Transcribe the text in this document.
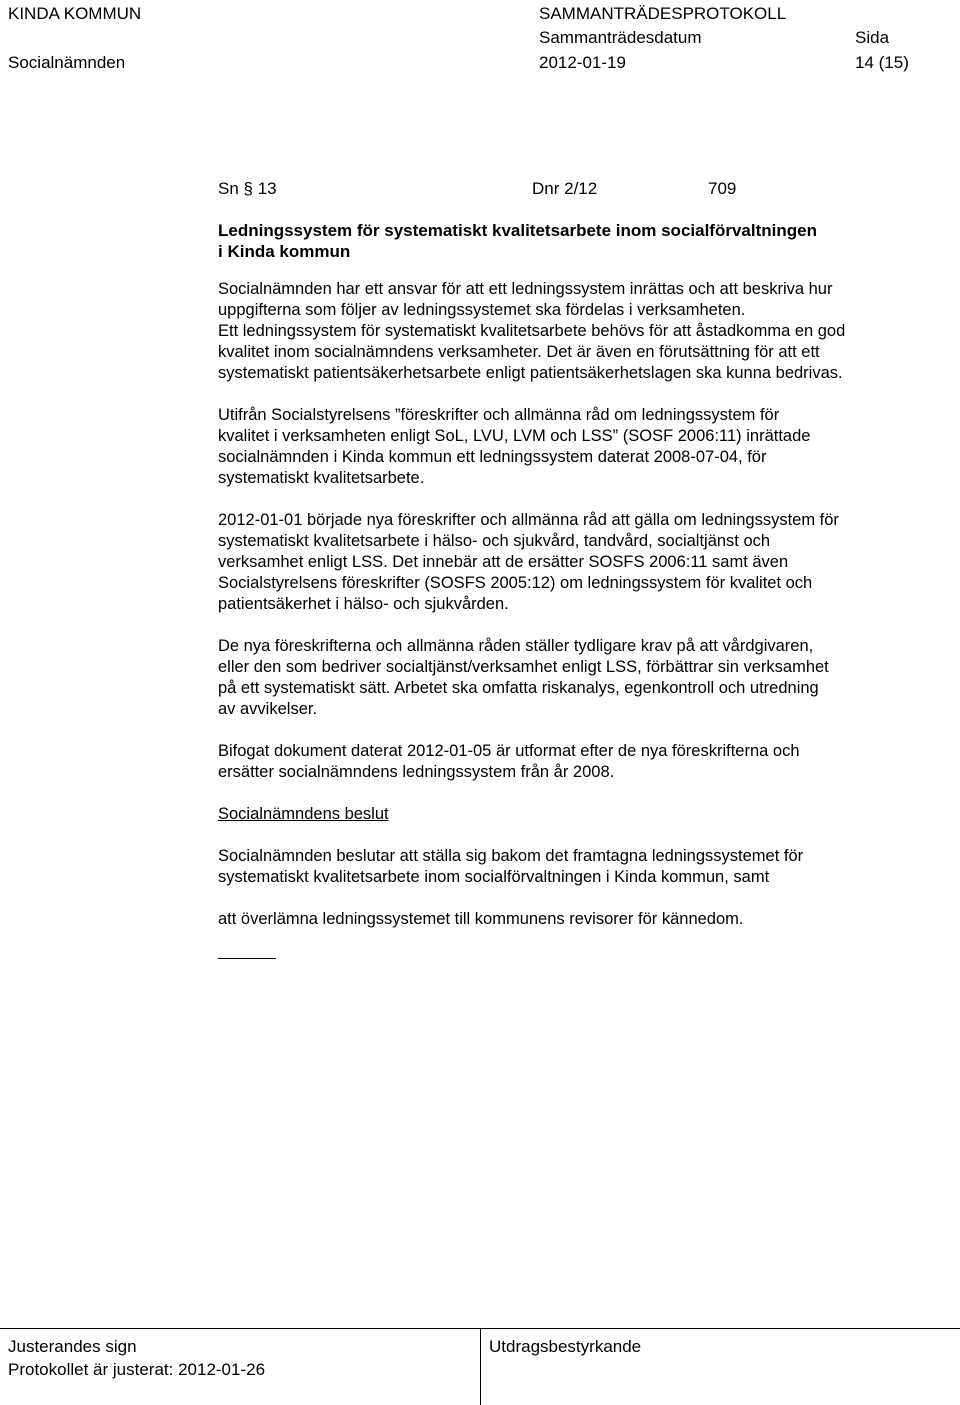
KINDA KOMMUN	SAMMANTRÄDESPROTOKOLL
Sammanträdesdatum	Sida
Socialnämnden	2012-01-19	14 (15)
Sn § 13	Dnr 2/12	709

Ledningssystem för systematiskt kvalitetsarbete inom socialförvaltningen
i Kinda kommun

Socialnämnden har ett ansvar för att ett ledningssystem inrättas och att beskriva hur
uppgifterna som följer av ledningssystemet ska fördelas i verksamheten.
Ett ledningssystem för systematiskt kvalitetsarbete behövs för att åstadkomma en god
kvalitet inom socialnämndens verksamheter. Det är även en förutsättning för att ett
systematiskt patientsäkerhetsarbete enligt patientsäkerhetslagen ska kunna bedrivas.

Utifrån Socialstyrelsens ”föreskrifter och allmänna råd om ledningssystem för
kvalitet i verksamheten enligt SoL, LVU, LVM och LSS” (SOSF 2006:11) inrättade
socialnämnden i Kinda kommun ett ledningssystem daterat 2008-07-04, för
systematiskt kvalitetsarbete.

2012-01-01 började nya föreskrifter och allmänna råd att gälla om ledningssystem för
systematiskt kvalitetsarbete i hälso- och sjukvård, tandvård, socialtjänst och
verksamhet enligt LSS. Det innebär att de ersätter SOSFS 2006:11 samt även
Socialstyrelsens föreskrifter (SOSFS 2005:12) om ledningssystem för kvalitet och
patientsäkerhet i hälso- och sjukvården.

De nya föreskrifterna och allmänna råden ställer tydligare krav på att vårdgivaren,
eller den som bedriver socialtjänst/verksamhet enligt LSS, förbättrar sin verksamhet
på ett systematiskt sätt. Arbetet ska omfatta riskanalys, egenkontroll och utredning
av avvikelser.

Bifogat dokument daterat 2012-01-05 är utformat efter de nya föreskrifterna och
ersätter socialnämndens ledningssystem från år 2008.

Socialnämndens beslut

Socialnämnden beslutar att ställa sig bakom det framtagna ledningssystemet för
systematiskt kvalitetsarbete inom socialförvaltningen i Kinda kommun, samt

att överlämna ledningssystemet till kommunens revisorer för kännedom.

Justerandes sign
Protokollet är justerat: 2012-01-26
Utdragsbestyrkande
